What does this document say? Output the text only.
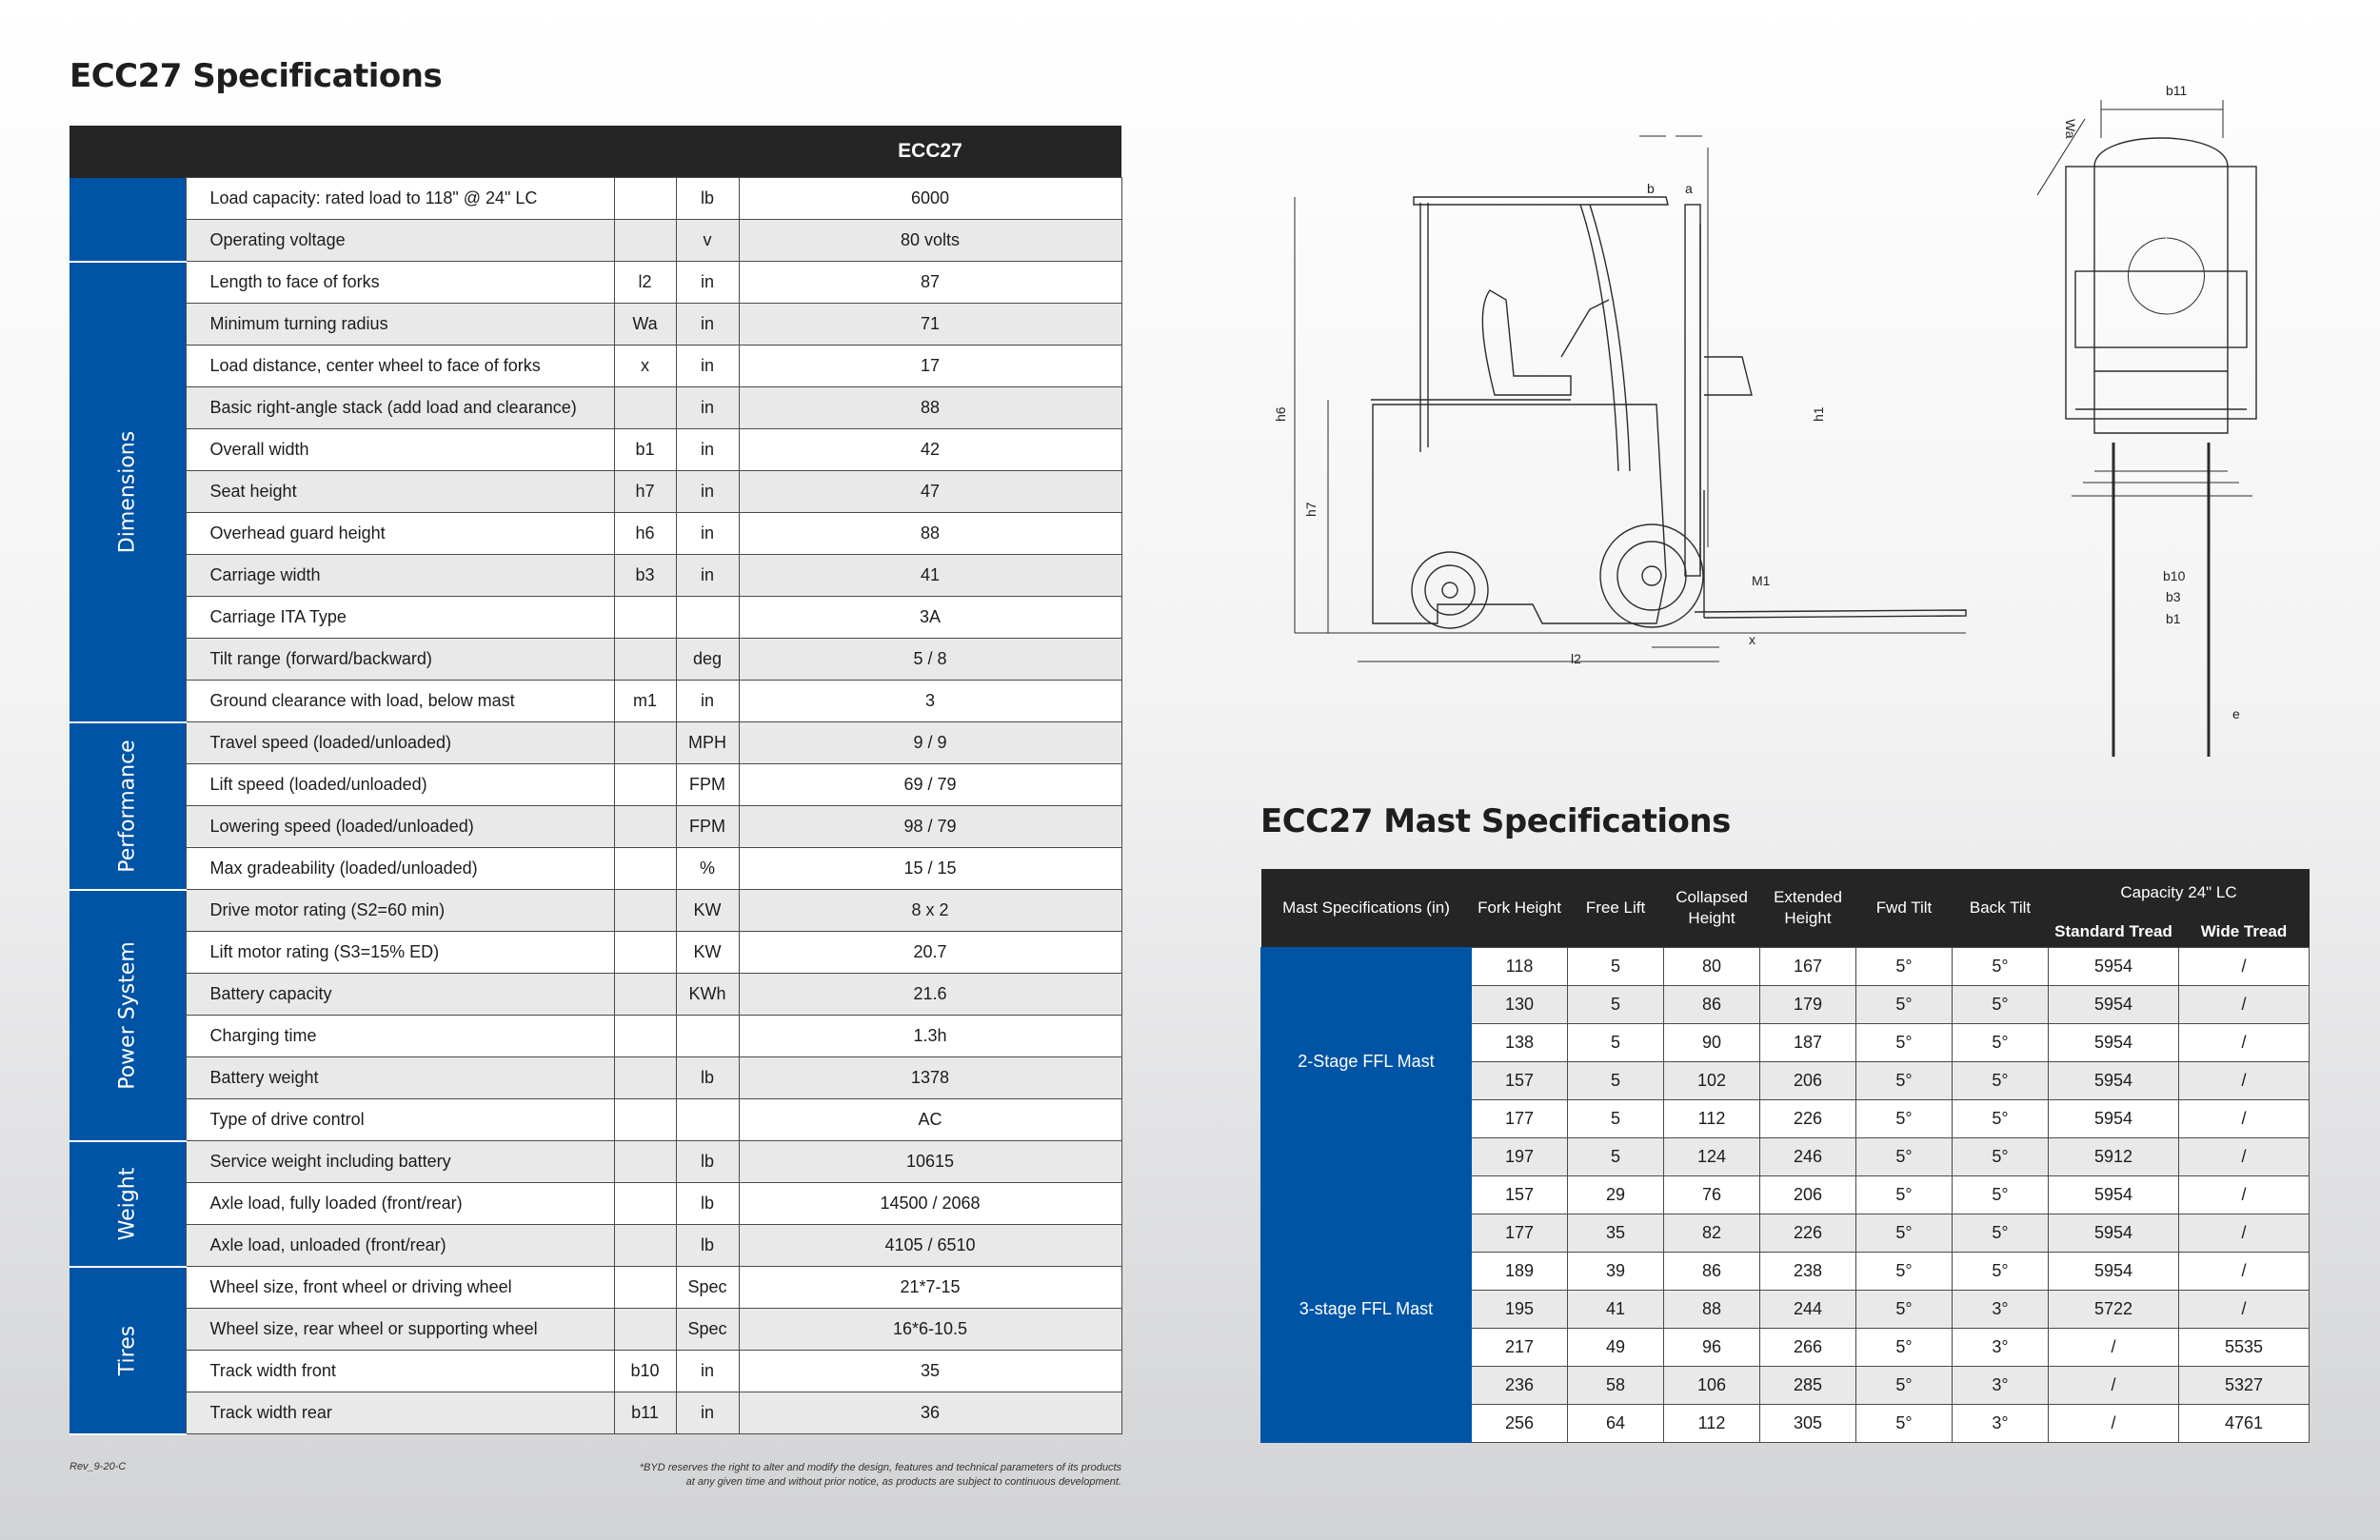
ECC27 Specifications
				ECC27

	Load capacity: rated load to 118" @ 24" LC		lb	6000
	Operating voltage		v	80 volts

Dimensions	Length to face of forks	l2	in	87
	Minimum turning radius	Wa	in	71
	Load distance, center wheel to face of forks	x	in	17
	Basic right-angle stack (add load and clearance)		in	88
	Overall width	b1	in	42
	Seat height	h7	in	47
	Overhead guard height	h6	in	88
	Carriage width	b3	in	41
	Carriage ITA Type			3A
	Tilt range (forward/backward)		deg	5 / 8
	Ground clearance with load, below mast	m1	in	3

Performance	Travel speed (loaded/unloaded)		MPH	9 / 9
	Lift speed (loaded/unloaded)		FPM	69 / 79
	Lowering speed (loaded/unloaded)		FPM	98 / 79
	Max gradeability (loaded/unloaded)		%	15 / 15

Power System	Drive motor rating (S2=60 min)		KW	8 x 2
	Lift motor rating (S3=15% ED)		KW	20.7
	Battery capacity		KWh	21.6
	Charging time			1.3h
	Battery weight		lb	1378
	Type of drive control			AC

Weight	Service weight including battery		lb	10615
	Axle load, fully loaded (front/rear)		lb	14500 / 2068
	Axle load, unloaded (front/rear)		lb	4105 / 6510

Tires	Wheel size, front wheel or driving wheel		Spec	21*7-15
	Wheel size, rear wheel or supporting wheel		Spec	16*6-10.5
	Track width front	b10	in	35
	Track width rear	b11	in	36
b a
h6
h7
h1
M1
x
l2
b11
Wa
b10
b3
b1
e
ECC27 Mast Specifications
Mast Specifications (in)	Fork Height	Free Lift	Collapsed Height	Extended Height	Fwd Tilt	Back Tilt	Capacity 24" LC	
							Standard Tread	Wide Tread
2-Stage FFL Mast	118	5	80	167	5°	5°	5954	/
	130	5	86	179	5°	5°	5954	/
	138	5	90	187	5°	5°	5954	/
	157	5	102	206	5°	5°	5954	/
	177	5	112	226	5°	5°	5954	/
	197	5	124	246	5°	5°	5912	/
3-stage FFL Mast	157	29	76	206	5°	5°	5954	/
	177	35	82	226	5°	5°	5954	/
	189	39	86	238	5°	5°	5954	/
	195	41	88	244	5°	3°	5722	/
	217	49	96	266	5°	3°	/	5535
	236	58	106	285	5°	3°	/	5327
	256	64	112	305	5°	3°	/	4761
Rev_9-20-C	*BYD reserves the right to alter and modify the design, features and technical parameters of its products
at any given time and without prior notice, as products are subject to continuous development.
